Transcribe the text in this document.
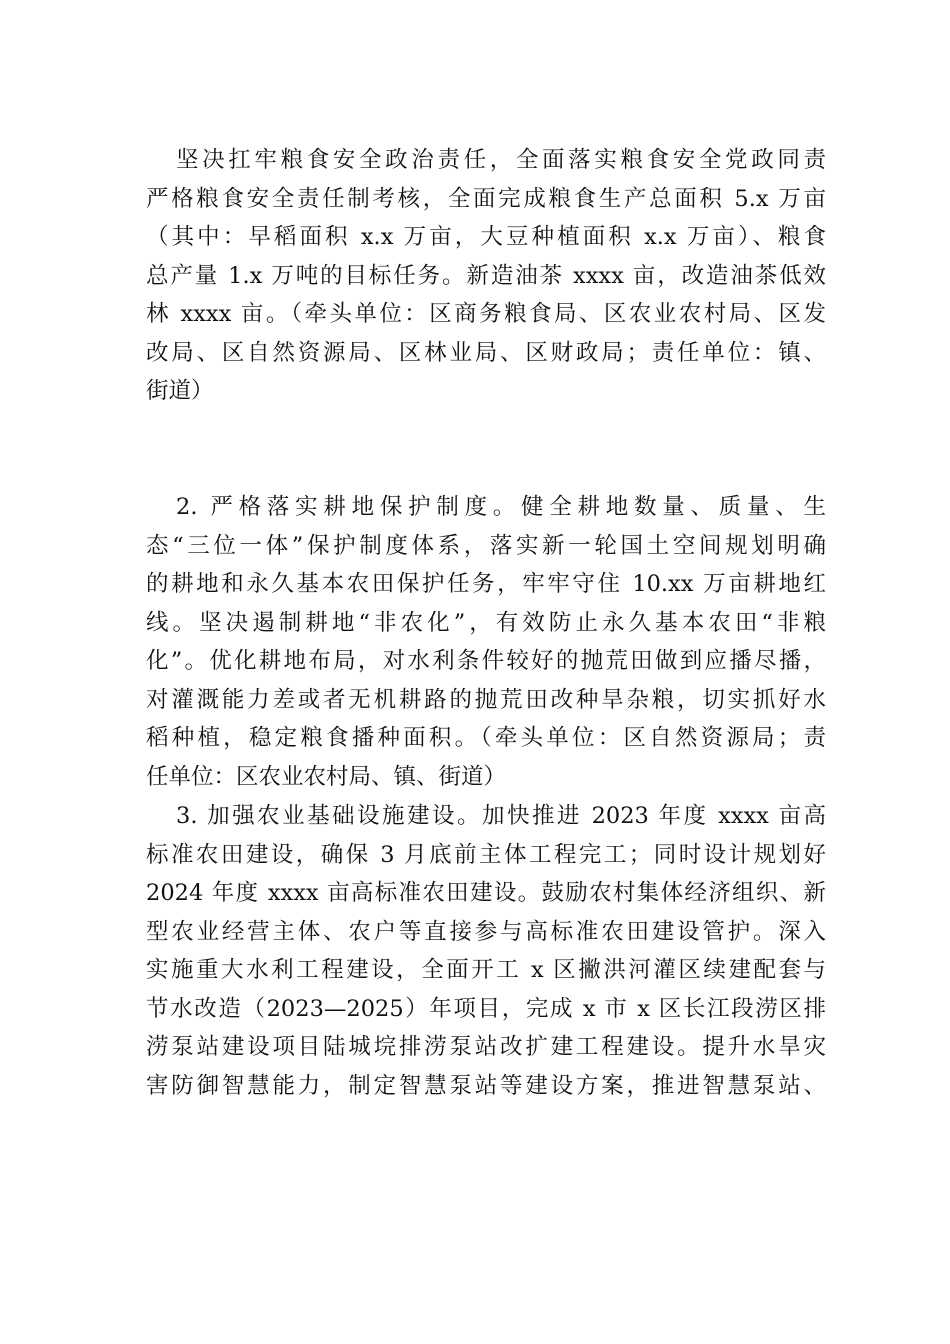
坚决扛牢粮食安全政治责任，全面落实粮食安全党政同责
严格粮食安全责任制考核，全面完成粮食生产总面积 5.x 万亩
（其中：早稻面积 x.x 万亩，大豆种植面积 x.x 万亩）、粮食
总产量 1.x 万吨的目标任务。新造油茶 xxxx 亩，改造油茶低效
林 xxxx 亩。（牵头单位：区商务粮食局、区农业农村局、区发
改局、区自然资源局、区林业局、区财政局；责任单位：镇、
街道）
2. 严格落实耕地保护制度。健全耕地数量、质量、生
态“三位一体”保护制度体系，落实新一轮国土空间规划明确
的耕地和永久基本农田保护任务，牢牢守住 10.xx 万亩耕地红
线。坚决遏制耕地“非农化”，有效防止永久基本农田“非粮
化”。优化耕地布局，对水利条件较好的抛荒田做到应播尽播，
对灌溉能力差或者无机耕路的抛荒田改种旱杂粮，切实抓好水
稻种植，稳定粮食播种面积。（牵头单位：区自然资源局；责
任单位：区农业农村局、镇、街道）
3. 加强农业基础设施建设。加快推进 2023 年度 xxxx 亩高
标准农田建设，确保 3 月底前主体工程完工；同时设计规划好
2024 年度 xxxx 亩高标准农田建设。鼓励农村集体经济组织、新
型农业经营主体、农户等直接参与高标准农田建设管护。深入
实施重大水利工程建设，全面开工 x 区撇洪河灌区续建配套与
节水改造（2023—2025）年项目，完成 x 市 x 区长江段涝区排
涝泵站建设项目陆城垸排涝泵站改扩建工程建设。提升水旱灾
害防御智慧能力，制定智慧泵站等建设方案，推进智慧泵站、
